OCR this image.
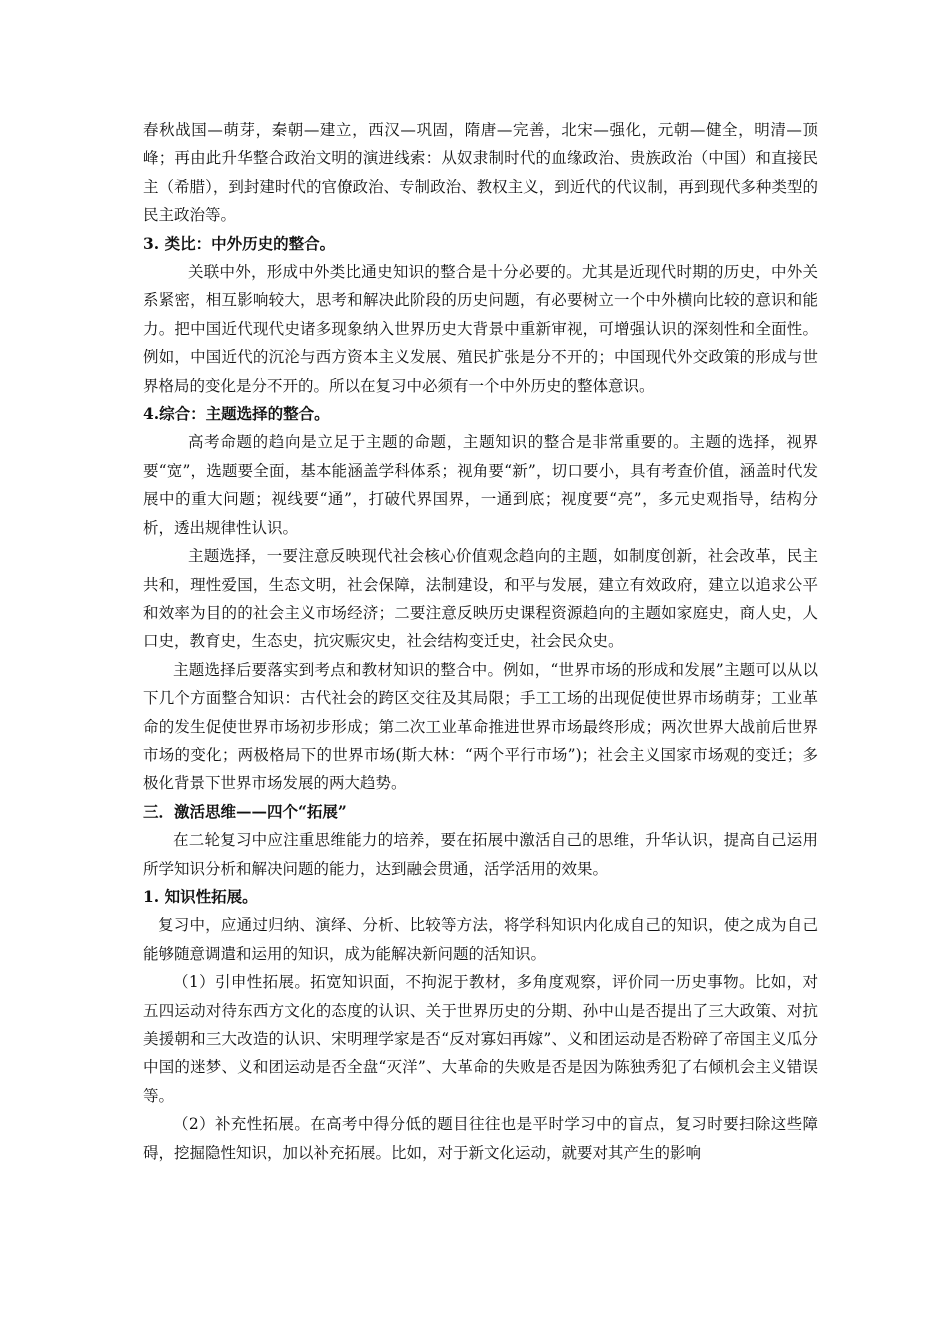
春秋战国—萌芽，秦朝—建立，西汉—巩固，隋唐—完善，北宋—强化，元朝—健全，明清—顶峰；再由此升华整合政治文明的演进线索：从奴隶制时代的血缘政治、贵族政治（中国）和直接民主（希腊），到封建时代的官僚政治、专制政治、教权主义，到近代的代议制，再到现代多种类型的民主政治等。

3. 类比：中外历史的整合。

关联中外，形成中外类比通史知识的整合是十分必要的。尤其是近现代时期的历史，中外关系紧密，相互影响较大，思考和解决此阶段的历史问题，有必要树立一个中外横向比较的意识和能力。把中国近代现代史诸多现象纳入世界历史大背景中重新审视，可增强认识的深刻性和全面性。例如，中国近代的沉沦与西方资本主义发展、殖民扩张是分不开的；中国现代外交政策的形成与世界格局的变化是分不开的。所以在复习中必须有一个中外历史的整体意识。

4.综合：主题选择的整合。

高考命题的趋向是立足于主题的命题，主题知识的整合是非常重要的。主题的选择，视界要“宽”，选题要全面，基本能涵盖学科体系；视角要“新”，切口要小，具有考查价值，涵盖时代发展中的重大问题；视线要“通”，打破代界国界，一通到底；视度要“亮”，多元史观指导，结构分析，透出规律性认识。

主题选择，一要注意反映现代社会核心价值观念趋向的主题，如制度创新，社会改革，民主共和，理性爱国，生态文明，社会保障，法制建设，和平与发展，建立有效政府，建立以追求公平和效率为目的的社会主义市场经济；二要注意反映历史课程资源趋向的主题如家庭史，商人史，人口史，教育史，生态史，抗灾赈灾史，社会结构变迁史，社会民众史。

主题选择后要落实到考点和教材知识的整合中。例如，“世界市场的形成和发展”主题可以从以下几个方面整合知识：古代社会的跨区交往及其局限；手工工场的出现促使世界市场萌芽；工业革命的发生促使世界市场初步形成；第二次工业革命推进世界市场最终形成；两次世界大战前后世界市场的变化；两极格局下的世界市场(斯大林：“两个平行市场”)；社会主义国家市场观的变迁；多极化背景下世界市场发展的两大趋势。

三．激活思维——四个“拓展”

在二轮复习中应注重思维能力的培养，要在拓展中激活自己的思维，升华认识，提高自己运用所学知识分析和解决问题的能力，达到融会贯通，活学活用的效果。

1. 知识性拓展。

复习中，应通过归纳、演绎、分析、比较等方法，将学科知识内化成自己的知识，使之成为自己能够随意调遣和运用的知识，成为能解决新问题的活知识。

（1）引申性拓展。拓宽知识面，不拘泥于教材，多角度观察，评价同一历史事物。比如，对五四运动对待东西方文化的态度的认识、关于世界历史的分期、孙中山是否提出了三大政策、对抗美援朝和三大改造的认识、宋明理学家是否“反对寡妇再嫁”、义和团运动是否粉碎了帝国主义瓜分中国的迷梦、义和团运动是否全盘“灭洋”、大革命的失败是否是因为陈独秀犯了右倾机会主义错误等。

（2）补充性拓展。在高考中得分低的题目往往也是平时学习中的盲点，复习时要扫除这些障碍，挖掘隐性知识，加以补充拓展。比如，对于新文化运动，就要对其产生的影响
